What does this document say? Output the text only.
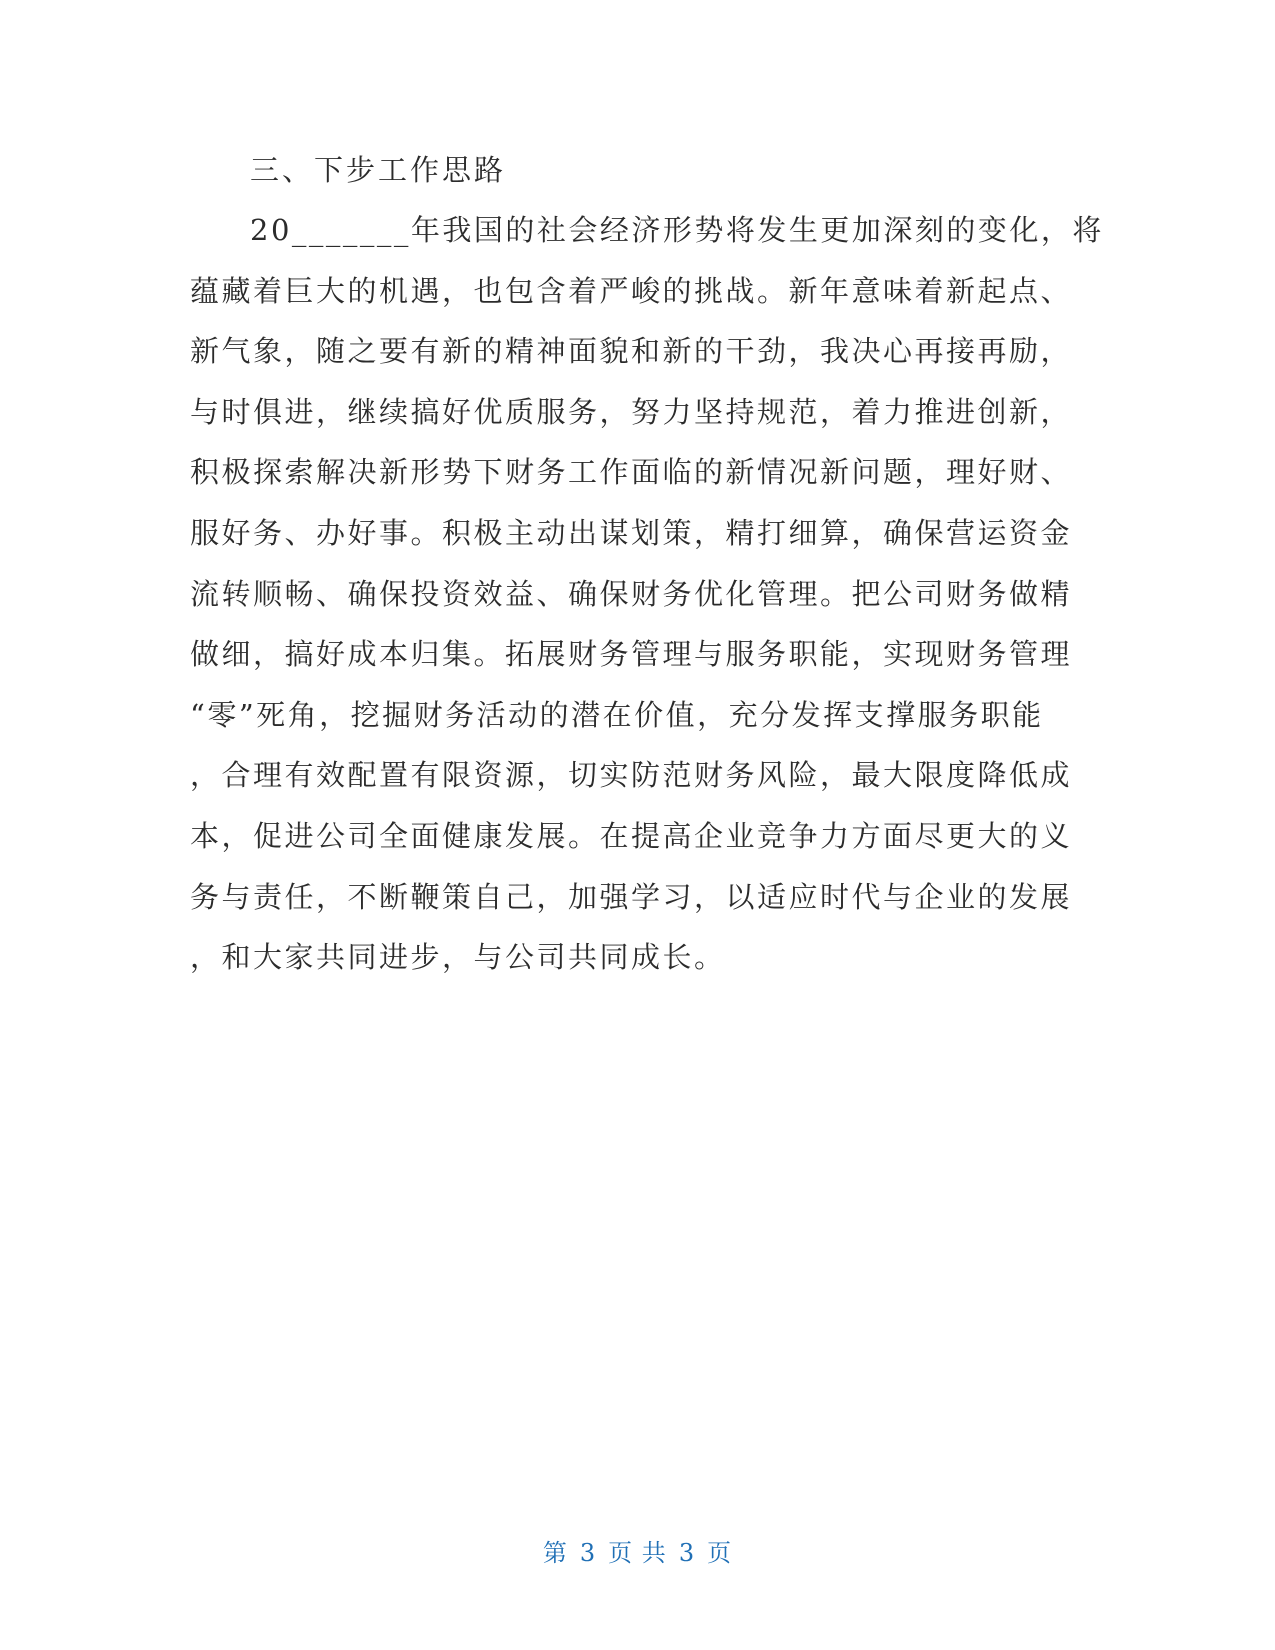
三、下步工作思路
20_______年我国的社会经济形势将发生更加深刻的变化，将
蕴藏着巨大的机遇，也包含着严峻的挑战。新年意味着新起点、
新气象，随之要有新的精神面貌和新的干劲，我决心再接再励，
与时俱进，继续搞好优质服务，努力坚持规范，着力推进创新，
积极探索解决新形势下财务工作面临的新情况新问题，理好财、
服好务、办好事。积极主动出谋划策，精打细算，确保营运资金
流转顺畅、确保投资效益、确保财务优化管理。把公司财务做精
做细，搞好成本归集。拓展财务管理与服务职能，实现财务管理
“零”死角，挖掘财务活动的潜在价值，充分发挥支撑服务职能
，合理有效配置有限资源，切实防范财务风险，最大限度降低成
本，促进公司全面健康发展。在提高企业竞争力方面尽更大的义
务与责任，不断鞭策自己，加强学习，以适应时代与企业的发展
，和大家共同进步，与公司共同成长。
第 3 页 共 3 页
